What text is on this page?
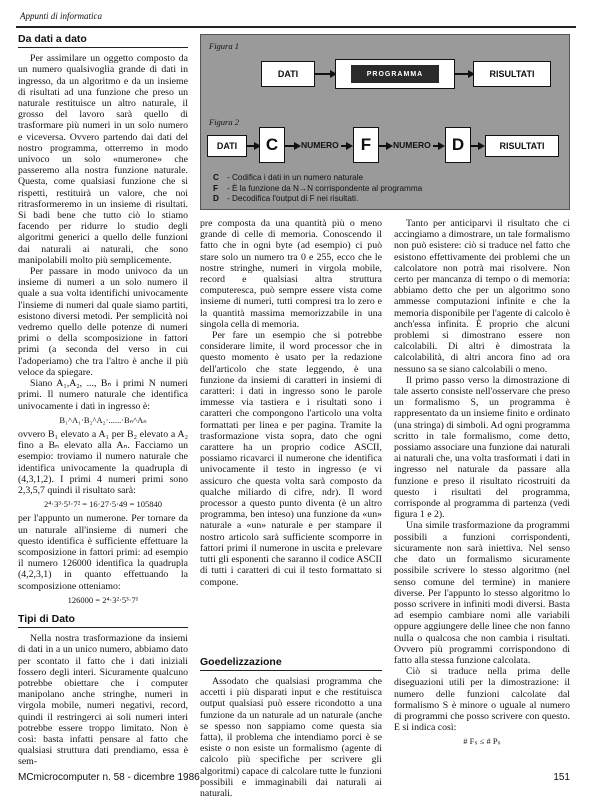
Appunti di informatica
Da dati a dato

Per assimilare un oggetto composto da un numero qualsivoglia grande di dati in ingresso, da un algoritmo e da un insieme di risultati ad una funzione che preso un naturale restituisce un altro naturale, il grosso del lavoro sarà quello di trasformare più numeri in un solo numero e viceversa. Ovvero partendo dai dati del nostro programma, otterremo in modo univoco un solo «numerone» che passeremo alla nostra funzione naturale. Questa, come qualsiasi funzione che si rispetti, restituirà un valore, che noi ritrasformeremo in un insieme di risultati. Si badi bene che tutto ciò lo stiamo facendo per ridurre lo studio degli algoritmi generici a quello delle funzioni dai naturali ai naturali, che sono manipolabili molto più semplicemente.

Per passare in modo univoco da un insieme di numeri a un solo numero il quale a sua volta identifichi univocamente l'insieme di numeri dal quale siamo partiti, esistono diversi metodi. Per semplicità noi vedremo quello delle potenze di numeri primi o della scomposizione in fattori primi (a seconda del verso in cui l'adoperiamo) che tra l'altro è anche il più veloce da spiegare.

Siano A₁,A₂, ..., Bₙ i primi N numeri primi. Il numero naturale che identifica univocamente i dati in ingresso è:

B₁^A₁·B₂^A₂·......·Bₙ^Aₙ

ovvero B₁ elevato a A₁ per B₂ elevato a A₂ fino a Bₙ elevato alla Aₙ. Facciamo un esempio: troviamo il numero naturale che identifica univocamente la quadrupla di (4,3,1,2). I primi 4 numeri primi sono 2,3,5,7 quindi il risultato sarà:

2⁴·3³·5¹·7² = 16·27·5·49 = 105840

per l'appunto un numerone. Per tornare da un naturale all'insieme di numeri che questo identifica è sufficiente effettuare la scomposizione in fattori primi: ad esempio il numero 126000 identifica la quadrupla (4,2,3,1) in quanto effettuando la scomposizione otteniamo:

126000 = 2⁴·3²·5³·7¹

Tipi di Dato

Nella nostra trasformazione da insiemi di dati in a un unico numero, abbiamo dato per scontato il fatto che i dati iniziali fossero degli interi. Sicuramente qualcuno potrebbe obiettare che i computer manipolano anche stringhe, numeri in virgola mobile, numeri negativi, record, quindi il restringerci ai soli numeri interi potrebbe essere troppo limitato. Non è così: basta infatti pensare al fatto che qualsiasi struttura dati prendiamo, essa è sem-

Figura 1
DATI	PROGRAMMA	RISULTATI
Figura 2
DATI	C	NUMERO	F	NUMERO	D	RISULTATI
C - Codifica i dati in un numero naturale
F - È la funzione da N→N corrispondente al programma
D - Decodifica l'output di F nei risultati.

pre composta da una quantità più o meno grande di celle di memoria. Conoscendo il fatto che in ogni byte (ad esempio) ci può stare solo un numero tra 0 e 255, ecco che le nostre stringhe, numeri in virgola mobile, record e qualsiasi altra struttura computeresca, può sempre essere vista come insieme di numeri, tutti compresi tra lo zero e la quantità massima memorizzabile in una singola cella di memoria.

Per fare un esempio che si potrebbe considerare limite, il word processor che in questo momento è usato per la redazione dell'articolo che state leggendo, è una funzione da insiemi di caratteri in insiemi di caratteri: i dati in ingresso sono le parole immesse via tastiera e i risultati sono i caratteri che compongono l'articolo una volta formattati per linea e per pagina. Tramite la trasformazione vista sopra, dato che ogni carattere ha un proprio codice ASCII, possiamo ricavarci il numerone che identifica univocamente il testo in ingresso (e vi assicuro che questa volta sarà composto da qualche miliardo di cifre, ndr). Il word processor a questo punto diventa (è un altro programma, ben inteso) una funzione da «un» naturale a «un» naturale e per stampare il nostro articolo sarà sufficiente scomporre in fattori primi il numerone in uscita e prelevare tutti gli esponenti che saranno il codice ASCII di tutti i caratteri di cui il testo formattato si compone.

Goedelizzazione

Assodato che qualsiasi programma che accetti i più disparati input e che restituisca output qualsiasi può essere ricondotto a una funzione da un naturale ad un naturale (anche se spesso non sappiamo come questa sia fatta), il problema che intendiamo porci è se esiste o non esiste un formalismo (agente di calcolo più specifiche per scrivere gli algoritmi) capace di calcolare tutte le funzioni possibili e immaginabili dai naturali ai naturali.

Tanto per anticiparvi il risultato che ci accingiamo a dimostrare, un tale formalismo non può esistere: ciò si traduce nel fatto che esistono effettivamente dei problemi che un calcolatore non potrà mai risolvere. Non certo per mancanza di tempo o di memoria: abbiamo detto che per un algoritmo sono ammesse computazioni infinite e che la memoria disponibile per l'agente di calcolo è anch'essa infinita. È proprio che alcuni problemi si dimostrano essere non calcolabili. Di altri è dimostrata la calcolabilità, di altri ancora fino ad ora nessuno sa se siano calcolabili o meno.

Il primo passo verso la dimostrazione di tale asserto consiste nell'osservare che preso un formalismo S, un programma è rappresentato da un insieme finito e ordinato (una stringa) di simboli. Ad ogni programma scritto in tale formalismo, come detto, possiamo associare una funzione dai naturali ai naturali che, una volta trasformati i dati in ingresso nel naturale da passare alla funzione e preso il risultato ricostruiti da questo i risultati del programma, corrisponde al programma di partenza (vedi figura 1 e 2).

Una simile trasformazione da programmi possibili a funzioni corrispondenti, sicuramente non sarà iniettiva. Nel senso che dato un formalismo sicuramente possibile scrivere lo stesso algoritmo (nel senso comune del termine) in maniere diverse. Per l'appunto lo stesso algoritmo lo posso scrivere in infiniti modi diversi. Basta ad esempio cambiare nomi alle variabili oppure aggiungere delle linee che non fanno nulla o qualcosa che non cambia i risultati. Ovvero più programmi corrispondono di fatto alla stessa funzione calcolata.

Ciò si traduce nella prima delle diseguazioni utili per la dimostrazione: il numero delle funzioni calcolate dal formalismo S è minore o uguale al numero di programmi che posso scrivere con questo. E si indica così:

# Fₛ ≤ # Pₛ

MCmicrocomputer n. 58 - dicembre 1986	151
